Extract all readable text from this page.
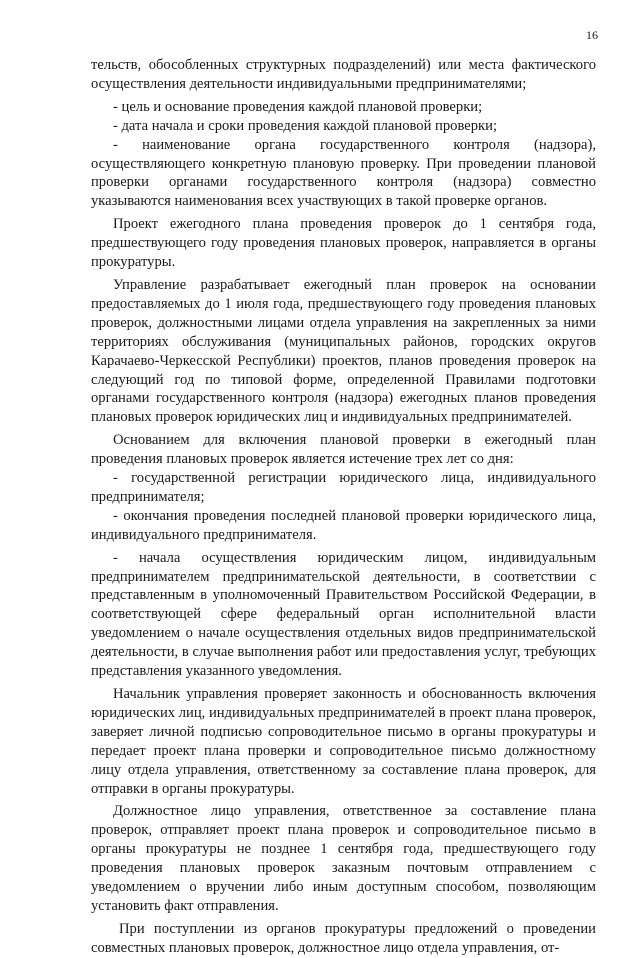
16

тельств, обособленных структурных подразделений) или места фактического осуществления деятельности индивидуальными предпринимателями;

- цель и основание проведения каждой плановой проверки;

- дата начала и сроки проведения каждой плановой проверки;

- наименование органа государственного контроля (надзора), осуществляющего конкретную плановую проверку. При проведении плановой проверки органами государственного контроля (надзора) совместно указываются наименования всех участвующих в такой проверке органов.

Проект ежегодного плана проведения проверок до 1 сентября года, предшествующего году проведения плановых проверок, направляется в органы прокуратуры.

Управление разрабатывает ежегодный план проверок на основании предоставляемых до 1 июля года, предшествующего году проведения плановых проверок, должностными лицами отдела управления на закрепленных за ними территориях обслуживания (муниципальных районов, городских округов Карачаево-Черкесской Республики) проектов, планов проведения проверок на следующий год по типовой форме, определенной Правилами подготовки органами государственного контроля (надзора) ежегодных планов проведения плановых проверок юридических лиц и индивидуальных предпринимателей.

Основанием для включения плановой проверки в ежегодный план проведения плановых проверок является истечение трех лет со дня:

- государственной регистрации юридического лица, индивидуального предпринимателя;

- окончания проведения последней плановой проверки юридического лица, индивидуального предпринимателя.

- начала осуществления юридическим лицом, индивидуальным предпринимателем предпринимательской деятельности, в соответствии с представленным в уполномоченный Правительством Российской Федерации, в соответствующей сфере федеральный орган исполнительной власти уведомлением о начале осуществления отдельных видов предпринимательской деятельности, в случае выполнения работ или предоставления услуг, требующих представления указанного уведомления.

Начальник управления проверяет законность и обоснованность включения юридических лиц, индивидуальных предпринимателей в проект плана проверок, заверяет личной подписью сопроводительное письмо в органы прокуратуры и передает проект плана проверки и сопроводительное письмо должностному лицу отдела управления, ответственному за составление плана проверок, для отправки в органы прокуратуры.

Должностное лицо управления, ответственное за составление плана проверок, отправляет проект плана проверок и сопроводительное письмо в органы прокуратуры не позднее 1 сентября года, предшествующего году проведения плановых проверок заказным почтовым отправлением с уведомлением о вручении либо иным доступным способом, позволяющим установить факт отправления.

При поступлении из органов прокуратуры предложений о проведении совместных плановых проверок, должностное лицо отдела управления, от-
